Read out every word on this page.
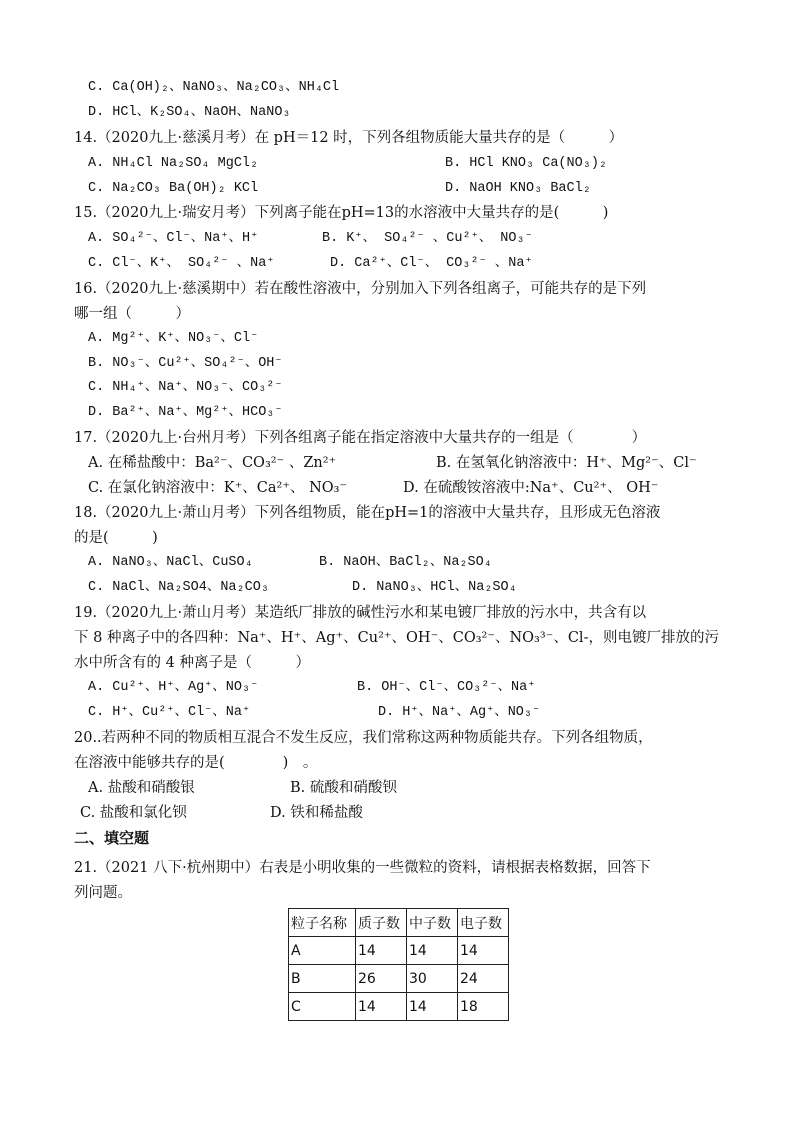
C. Ca(OH)₂、NaNO₃、Na₂CO₃、NH₄Cl
D. HCl、K₂SO₄、NaOH、NaNO₃
14.（2020九上·慈溪月考）在 pH＝12 时，下列各组物质能大量共存的是（　　　）
A. NH₄Cl Na₂SO₄ MgCl₂	B. HCl KNO₃ Ca(NO₃)₂
C. Na₂CO₃ Ba(OH)₂ KCl	D. NaOH KNO₃ BaCl₂
15.（2020九上·瑞安月考）下列离子能在pH=13的水溶液中大量共存的是(　　　)
A. SO₄²⁻、Cl⁻、Na⁺、H⁺	B. K⁺、 SO₄²⁻ 、Cu²⁺、 NO₃⁻
C. Cl⁻、K⁺、 SO₄²⁻ 、Na⁺	D. Ca²⁺、Cl⁻、 CO₃²⁻ 、Na⁺
16.（2020九上·慈溪期中）若在酸性溶液中，分别加入下列各组离子，可能共存的是下列
哪一组（　　　）
A. Mg²⁺、K⁺、NO₃⁻、Cl⁻
B. NO₃⁻、Cu²⁺、SO₄²⁻、OH⁻
C. NH₄⁺、Na⁺、NO₃⁻、CO₃²⁻
D. Ba²⁺、Na⁺、Mg²⁺、HCO₃⁻
17.（2020九上·台州月考）下列各组离子能在指定溶液中大量共存的一组是（　　　　）
A. 在稀盐酸中：Ba²⁻、CO₃²⁻ 、Zn²⁺	B. 在氢氧化钠溶液中：H⁺、Mg²⁻、Cl⁻
C. 在氯化钠溶液中：K⁺、Ca²⁺、 NO₃⁻	D. 在硫酸铵溶液中:Na⁺、Cu²⁺、 OH⁻
18.（2020九上·萧山月考）下列各组物质，能在pH=1的溶液中大量共存，且形成无色溶液
的是(　　　)
A. NaNO₃、NaCl、CuSO₄	B. NaOH、BaCl₂、Na₂SO₄
C. NaCl、Na₂SO4、Na₂CO₃	D. NaNO₃、HCl、Na₂SO₄
19.（2020九上·萧山月考）某造纸厂排放的碱性污水和某电镀厂排放的污水中，共含有以
下 8 种离子中的各四种：Na⁺、H⁺、Ag⁺、Cu²⁺、OH⁻、CO₃²⁻、NO₃³⁻、Cl-，则电镀厂排放的污
水中所含有的 4 种离子是（　　　）
A. Cu²⁺、H⁺、Ag⁺、NO₃⁻	B. OH⁻、Cl⁻、CO₃²⁻、Na⁺
C. H⁺、Cu²⁺、Cl⁻、Na⁺	D. H⁺、Na⁺、Ag⁺、NO₃⁻
20..若两种不同的物质相互混合不发生反应，我们常称这两种物质能共存。下列各组物质，
在溶液中能够共存的是(　　　　)　。
A. 盐酸和硝酸银	B. 硫酸和硝酸钡
C. 盐酸和氯化钡	D. 铁和稀盐酸
二、填空题
21.（2021 八下·杭州期中）右表是小明收集的一些微粒的资料，请根据表格数据，回答下
列问题。
粒子名称	质子数	中子数	电子数
A	14	14	14
B	26	30	24
C	14	14	18
